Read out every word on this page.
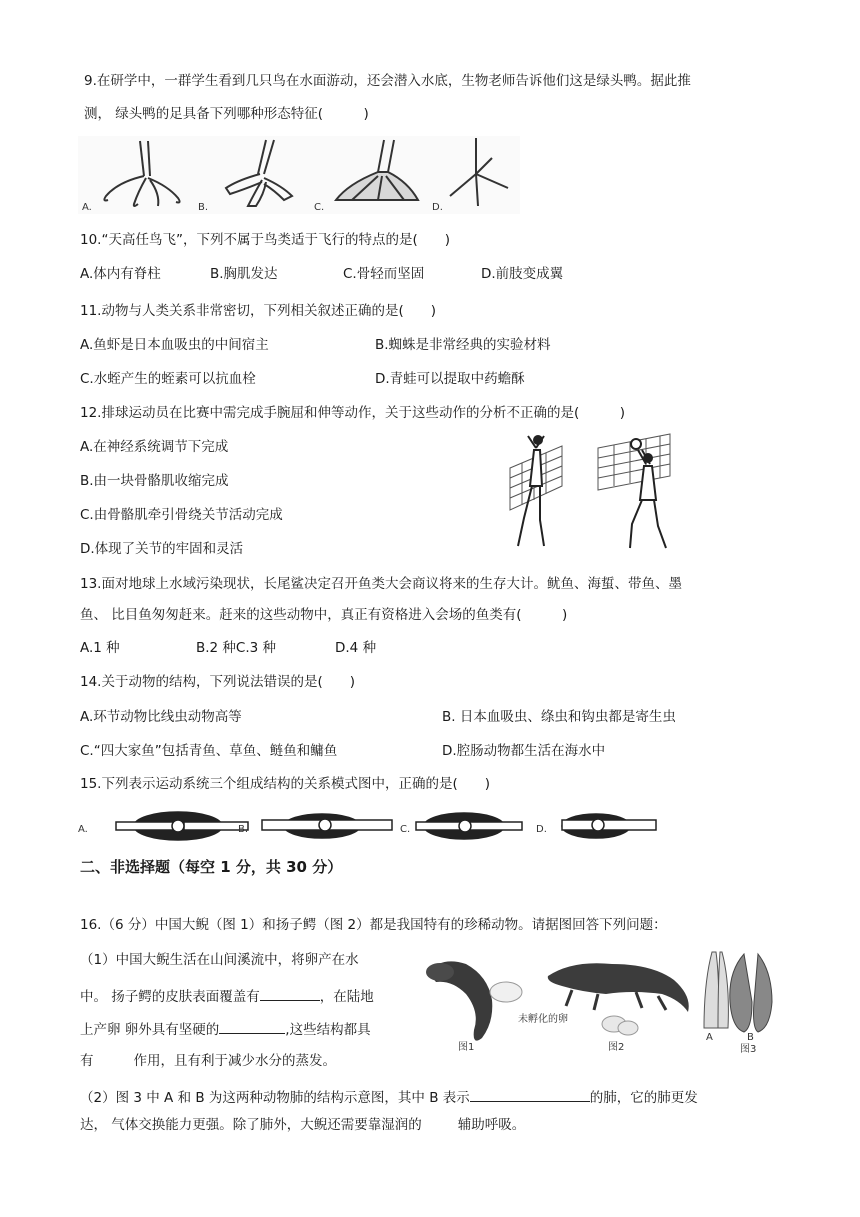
9.在研学中，一群学生看到几只鸟在水面游动，还会潜入水底，生物老师告诉他们这是绿头鸭。据此推
测， 绿头鸭的足具备下列哪种形态特征(　　　)
A.	B.	C.	D.
10.“天高任鸟飞”，下列不属于鸟类适于飞行的特点的是(　　)
A.体内有脊柱	B.胸肌发达	C.骨轻而坚固	D.前肢变成翼
11.动物与人类关系非常密切，下列相关叙述正确的是(　　)
A.鱼虾是日本血吸虫的中间宿主	B.蜘蛛是非常经典的实验材料
C.水蛭产生的蛭素可以抗血栓	D.青蛙可以提取中药蟾酥
12.排球运动员在比赛中需完成手腕屈和伸等动作，关于这些动作的分析不正确的是(　　　)
A.在神经系统调节下完成
B.由一块骨骼肌收缩完成
C.由骨骼肌牵引骨绕关节活动完成
D.体现了关节的牢固和灵活
13.面对地球上水域污染现状，长尾鲨决定召开鱼类大会商议将来的生存大计。鱿鱼、海蜇、带鱼、墨
鱼、 比目鱼匆匆赶来。赶来的这些动物中，真正有资格进入会场的鱼类有(　　　)
A.1 种	B.2 种C.3 种	D.4 种
14.关于动物的结构，下列说法错误的是(　　)
A.环节动物比线虫动物高等	B. 日本血吸虫、绦虫和钩虫都是寄生虫
C.“四大家鱼”包括青鱼、草鱼、鲢鱼和鳙鱼	D.腔肠动物都生活在海水中
15.下列表示运动系统三个组成结构的关系模式图中，正确的是(　　)
A.	B.	C.	D.
二、非选择题（每空 1 分，共 30 分）
16.（6 分）中国大鲵（图 1）和扬子鳄（图 2）都是我国特有的珍稀动物。请据图回答下列问题：
（1）中国大鲵生活在山间溪流中，将卵产在水
中。 扬子鳄的皮肤表面覆盖有	，在陆地
上产卵 卵外具有坚硬的	,这些结构都具
有	作用，且有利于减少水分的蒸发。
未孵化的卵
图1	图2
A	B
图3
（2）图 3 中 A 和 B 为这两种动物肺的结构示意图，其中 B 表示	的肺，它的肺更发
达， 气体交换能力更强。除了肺外，大鲵还需要靠湿润的	辅助呼吸。
